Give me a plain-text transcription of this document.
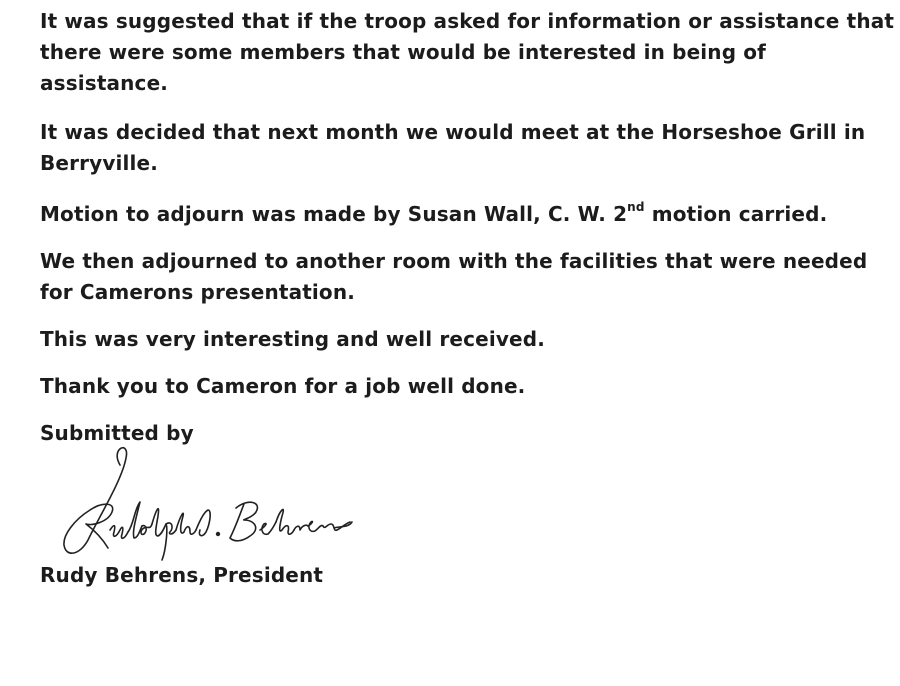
It was suggested that if the troop asked for information or assistance that
there were some members that would be interested in being of
assistance.

It was decided that next month we would meet at the Horseshoe Grill in
Berryville.

Motion to adjourn was made by Susan Wall, C. W. 2nd motion carried.

We then adjourned to another room with the facilities that were needed
for Camerons presentation.

This was very interesting and well received.

Thank you to Cameron for a job well done.

Submitted by

Rudy Behrens, President
